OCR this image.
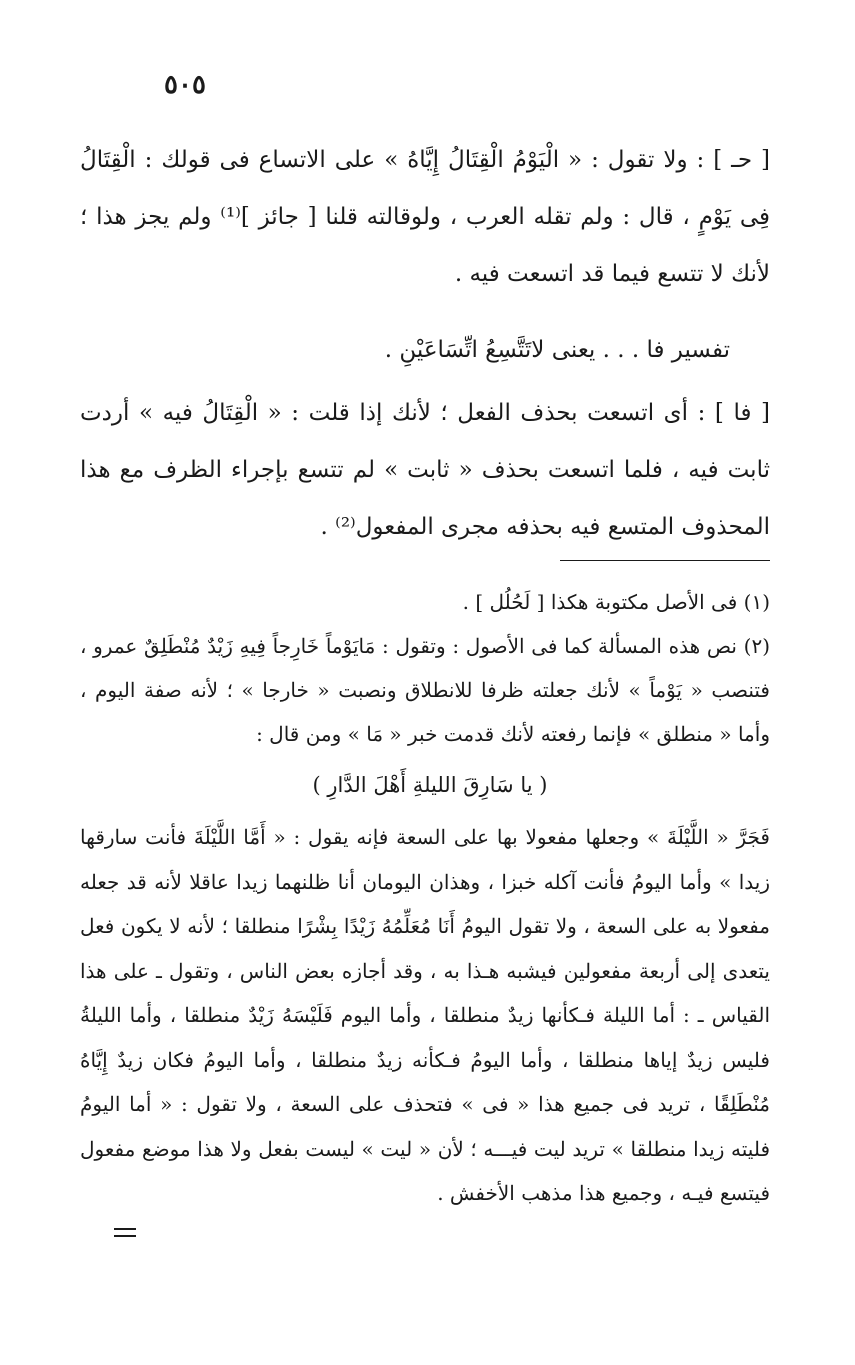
٥٠٥

[ حـ ] : ولا تقول : « الْيَوْمُ الْقِتَالُ إِيَّاهُ » على الاتساع فى قولك : الْقِتَالُ فِى يَوْمٍ ، قال : ولم تقله العرب ، ولوقالته قلنا [ جائز ]⁽¹⁾ ولم يجز هذا ؛ لأنك لا تتسع فيما قد اتسعت فيه .

تفسير فا . . . يعنى لاتَتَّسِعُ اتِّسَاعَيْنِ .

[ فا ] : أى اتسعت بحذف الفعل ؛ لأنك إذا قلت : « الْقِتَالُ فيه » أردت ثابت فيه ، فلما اتسعت بحذف « ثابت » لم تتسع بإجراء الظرف مع هذا المحذوف المتسع فيه بحذفه مجرى المفعول⁽²⁾ .

(١) فى الأصل مكتوبة هكذا [ لَحُلُل ] .

(٢) نص هذه المسألة كما فى الأصول : وتقول : مَايَوْماً خَارِجاً فِيهِ زَيْدٌ مُنْطَلِقٌ عمرو ، فتنصب « يَوْماً » لأنك جعلته ظرفا للانطلاق ونصبت « خارجا » ؛ لأنه صفة اليوم ، وأما « منطلق » فإنما رفعته لأنك قدمت خبر « مَا » ومن قال :

( يا سَارِقَ الليلةِ أَهْلَ الدَّارِ )

فَجَرَّ « اللَّيْلَةَ » وجعلها مفعولا بها على السعة فإنه يقول : « أَمَّا اللَّيْلَةَ فأنت سارقها زيدا » وأما اليومُ فأنت آكله خبزا ، وهذان اليومان أنا ظلنهما زيدا عاقلا لأنه قد جعله مفعولا به على السعة ، ولا تقول اليومُ أَنَا مُعَلِّمُهُ زَيْدًا بِشْرًا منطلقا ؛ لأنه لا يكون فعل يتعدى إلى أربعة مفعولين فيشبه هـذا به ، وقد أجازه بعض الناس ، وتقول ـ على هذا القياس ـ : أما الليلة فـكأنها زيدٌ منطلقا ، وأما اليوم فَلَيْسَهُ زَيْدٌ منطلقا ، وأما الليلةُ فليس زيدٌ إياها منطلقا ، وأما اليومُ فـكأنه زيدٌ منطلقا ، وأما اليومُ فكان زيدٌ إِيَّاهُ مُنْطَلِقًا ، تريد فى جميع هذا « فى » فتحذف على السعة ، ولا تقول : « أما اليومُ فليته زيدا منطلقا » تريد ليت فيـــه ؛ لأن « ليت » ليست بفعل ولا هذا موضع مفعول فيتسع فيـه ، وجميع هذا مذهب الأخفش .
